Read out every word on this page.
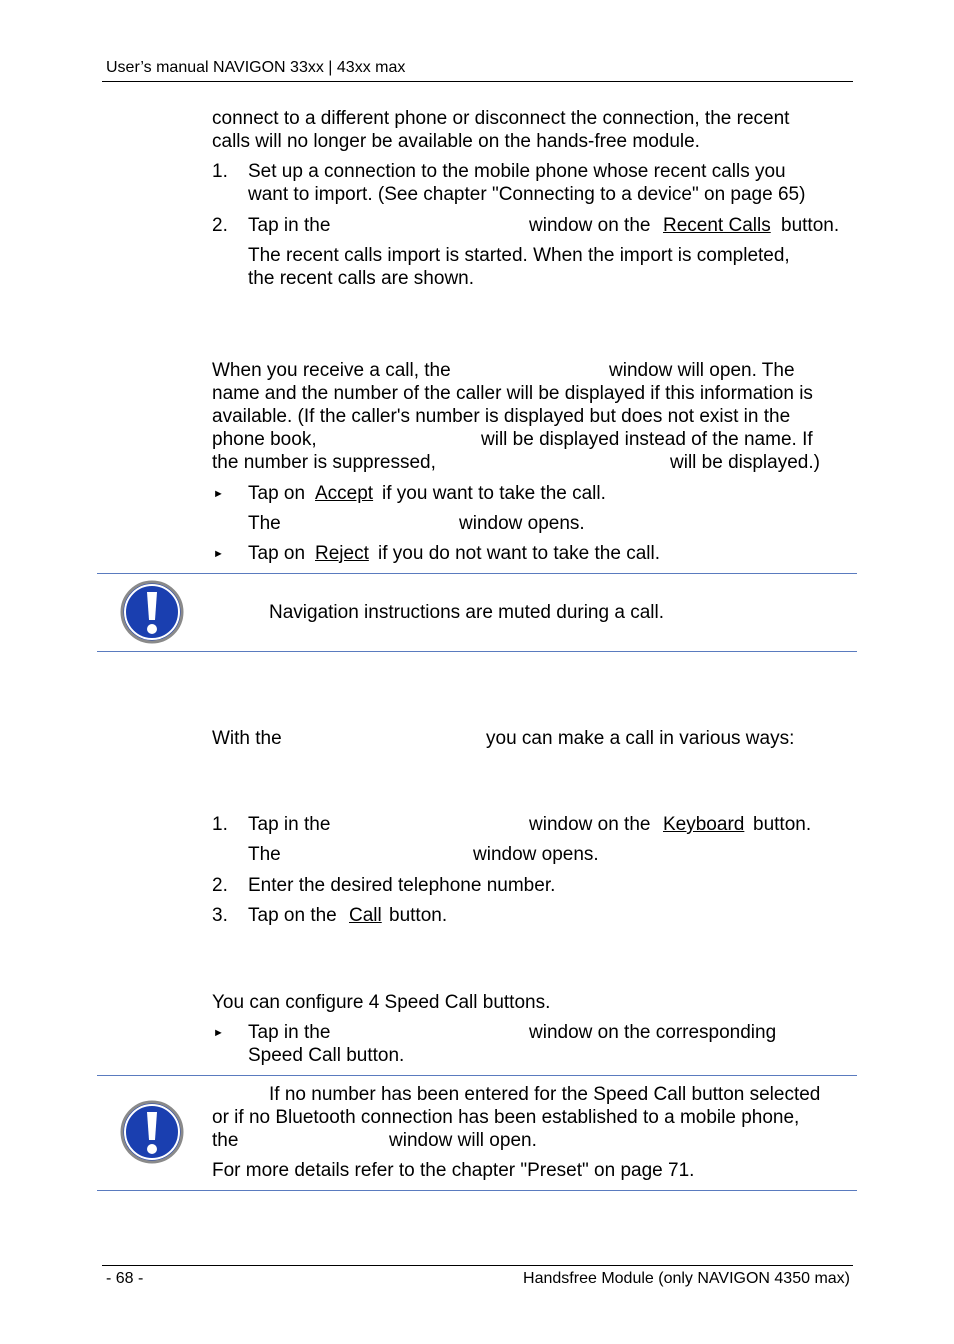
User’s manual NAVIGON 33xx | 43xx max
connect to a different phone or disconnect the connection, the recent
calls will no longer be available on the hands-free module.
1. Set up a connection to the mobile phone whose recent calls you
want to import. (See chapter "Connecting to a device" on page 65)
2. Tap in the	window on the Recent Calls button.
The recent calls import is started. When the import is completed,
the recent calls are shown.
When you receive a call, the	window will open. The
name and the number of the caller will be displayed if this information is
available. (If the caller's number is displayed but does not exist in the
phone book,	will be displayed instead of the name. If
the number is suppressed,	will be displayed.)
► Tap on Accept if you want to take the call.
The	window opens.
► Tap on Reject if you do not want to take the call.
Navigation instructions are muted during a call.
With the	you can make a call in various ways:
1. Tap in the	window on the Keyboard button.
The	window opens.
2. Enter the desired telephone number.
3. Tap on the Call button.
You can configure 4 Speed Call buttons.
► Tap in the	window on the corresponding
Speed Call button.
If no number has been entered for the Speed Call button selected
or if no Bluetooth connection has been established to a mobile phone,
the	window will open.
For more details refer to the chapter "Preset" on page 71.
- 68 -	Handsfree Module (only NAVIGON 4350 max)
